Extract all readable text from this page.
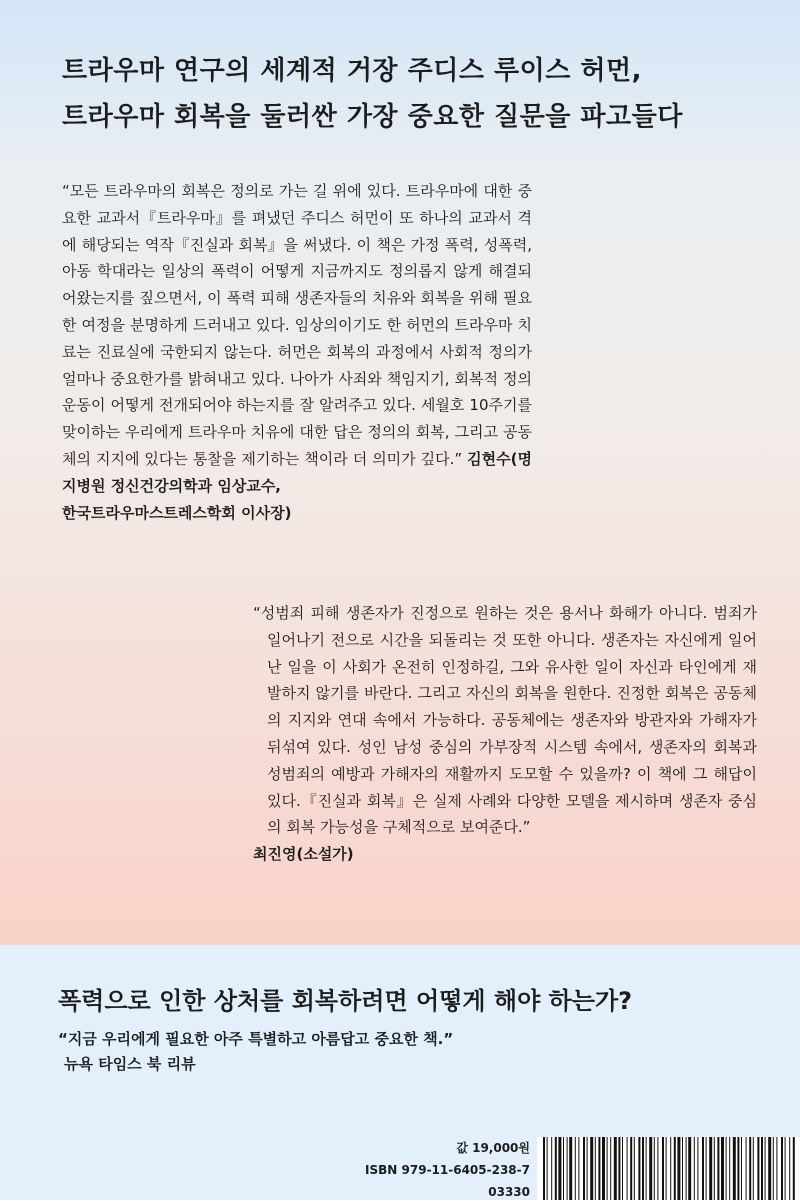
트라우마 연구의 세계적 거장 주디스 루이스 허먼,
트라우마 회복을 둘러싼 가장 중요한 질문을 파고들다

“모든 트라우마의 회복은 정의로 가는 길 위에 있다. 트라우마에 대한 중요한 교과서『트라우마』를 펴냈던 주디스 허먼이 또 하나의 교과서 격에 해당되는 역작『진실과 회복』을 써냈다. 이 책은 가정 폭력, 성폭력, 아동 학대라는 일상의 폭력이 어떻게 지금까지도 정의롭지 않게 해결되어왔는지를 짚으면서, 이 폭력 피해 생존자들의 치유와 회복을 위해 필요한 여정을 분명하게 드러내고 있다. 임상의이기도 한 허먼의 트라우마 치료는 진료실에 국한되지 않는다. 허먼은 회복의 과정에서 사회적 정의가 얼마나 중요한가를 밝혀내고 있다. 나아가 사죄와 책임지기, 회복적 정의 운동이 어떻게 전개되어야 하는지를 잘 알려주고 있다. 세월호 10주기를 맞이하는 우리에게 트라우마 치유에 대한 답은 정의의 회복, 그리고 공동체의 지지에 있다는 통찰을 제기하는 책이라 더 의미가 깊다.” 김현수(명지병원 정신건강의학과 임상교수,
한국트라우마스트레스학회 이사장)

“성범죄 피해 생존자가 진정으로 원하는 것은 용서나 화해가 아니다. 범죄가 일어나기 전으로 시간을 되돌리는 것 또한 아니다. 생존자는 자신에게 일어난 일을 이 사회가 온전히 인정하길, 그와 유사한 일이 자신과 타인에게 재발하지 않기를 바란다. 그리고 자신의 회복을 원한다. 진정한 회복은 공동체의 지지와 연대 속에서 가능하다. 공동체에는 생존자와 방관자와 가해자가 뒤섞여 있다. 성인 남성 중심의 가부장적 시스템 속에서, 생존자의 회복과 성범죄의 예방과 가해자의 재활까지 도모할 수 있을까? 이 책에 그 해답이 있다.『진실과 회복』은 실제 사례와 다양한 모델을 제시하며 생존자 중심의 회복 가능성을 구체적으로 보여준다.”
최진영(소설가)

폭력으로 인한 상처를 회복하려면 어떻게 해야 하는가?

“지금 우리에게 필요한 아주 특별하고 아름답고 중요한 책.”
뉴욕 타임스 북 리뷰

값 19,000원
ISBN 979-11-6405-238-7 03330
